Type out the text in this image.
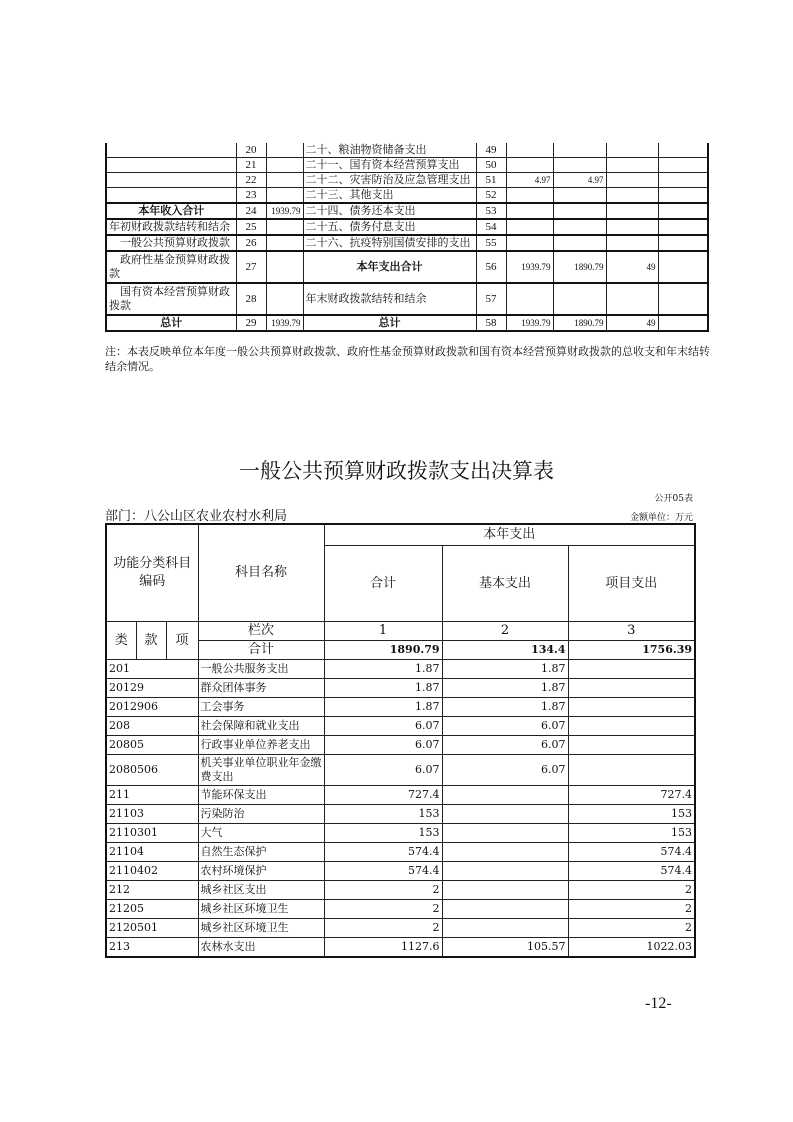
	20		二十、粮油物资储备支出	49				
	21		二十一、国有资本经营预算支出	50				
	22		二十二、灾害防治及应急管理支出	51	4.97	4.97		
	23		二十三、其他支出	52				
本年收入合计	24	1939.79	二十四、债务还本支出	53				
年初财政拨款结转和结余	25		二十五、债务付息支出	54				
　一般公共预算财政拨款	26		二十六、抗疫特别国债安排的支出	55				
　政府性基金预算财政拨款	27		本年支出合计	56	1939.79	1890.79	49	
　国有资本经营预算财政拨款	28		年末财政拨款结转和结余	57				
总计	29	1939.79	总计	58	1939.79	1890.79	49	
注：本表反映单位本年度一般公共预算财政拨款、政府性基金预算财政拨款和国有资本经营预算财政拨款的总收支和年末结转结余情况。
一般公共预算财政拨款支出决算表
公开05表
部门：八公山区农业农村水利局	金额单位：万元
功能分类科目编码			科目名称	本年支出		
				合计	基本支出	项目支出

类	款	项	栏次	1	2	3
			合计	1890.79	134.4	1756.39
201			一般公共服务支出	1.87	1.87	
20129			群众团体事务	1.87	1.87	
2012906			工会事务	1.87	1.87	
208			社会保障和就业支出	6.07	6.07	
20805			行政事业单位养老支出	6.07	6.07	
2080506			机关事业单位职业年金缴费支出	6.07	6.07	
211			节能环保支出	727.4		727.4
21103			污染防治	153		153
2110301			大气	153		153
21104			自然生态保护	574.4		574.4
2110402			农村环境保护	574.4		574.4
212			城乡社区支出	2		2
21205			城乡社区环境卫生	2		2
2120501			城乡社区环境卫生	2		2
213			农林水支出	1127.6	105.57	1022.03
-12-
